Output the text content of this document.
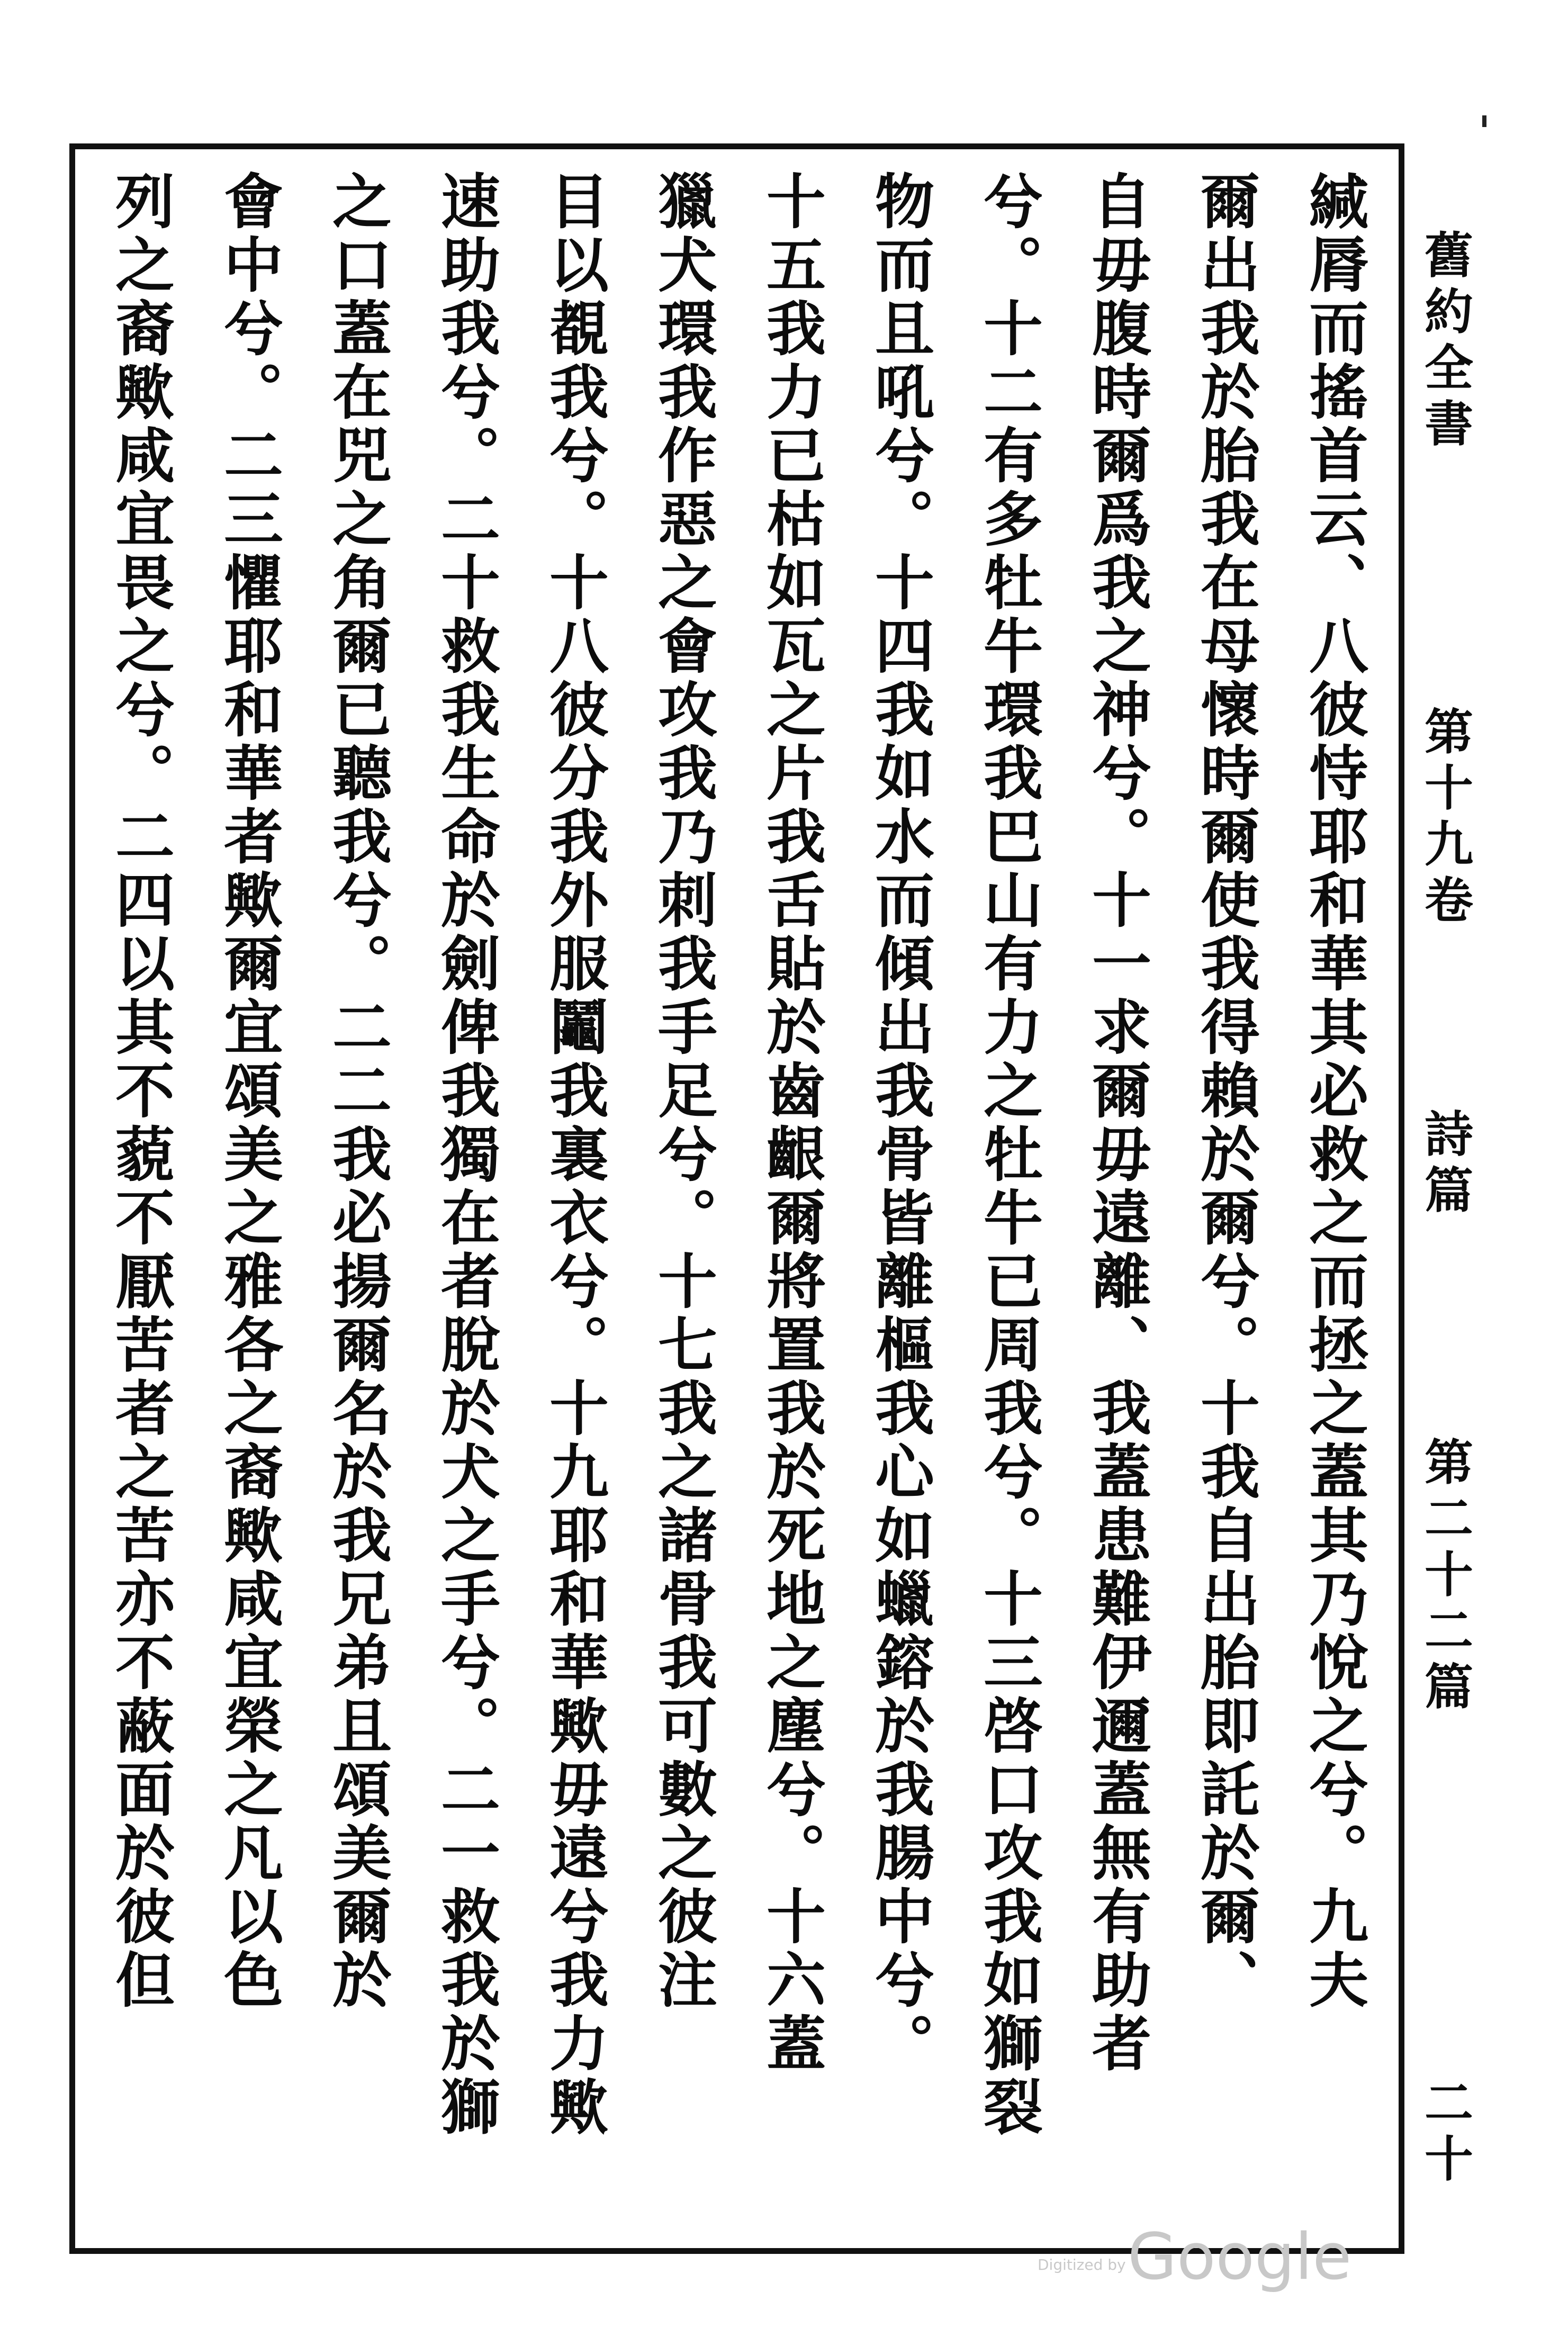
緘脣而搖首云、八彼恃耶和華其必救之而拯之蓋其乃悅之兮。九夫
爾出我於胎我在母懷時爾使我得賴於爾兮。十我自出胎即託於爾、
自毋腹時爾爲我之神兮。十一求爾毋遠離、我蓋患難伊邇蓋無有助者
兮。十二有多牡牛環我巴山有力之牡牛已周我兮。十三啓口攻我如獅裂
物而且吼兮。十四我如水而傾出我骨皆離樞我心如蠟鎔於我腸中兮。
十五我力已枯如瓦之片我舌貼於齒齦爾將置我於死地之塵兮。十六蓋
獵犬環我作惡之會攻我乃刺我手足兮。十七我之諸骨我可數之彼注
目以覩我兮。十八彼分我外服鬮我裏衣兮。十九耶和華歟毋遠兮我力歟
速助我兮。二十救我生命於劍俾我獨在者脫於犬之手兮。二一救我於獅
之口蓋在兕之角爾已聽我兮。二二我必揚爾名於我兄弟且頌美爾於
會中兮。二三懼耶和華者歟爾宜頌美之雅各之裔歟咸宜榮之凡以色
列之裔歟咸宜畏之兮。二四以其不藐不厭苦者之苦亦不蔽面於彼但	舊約全書
第十九卷
詩篇
第二十二篇
二十
Digitized by Google
